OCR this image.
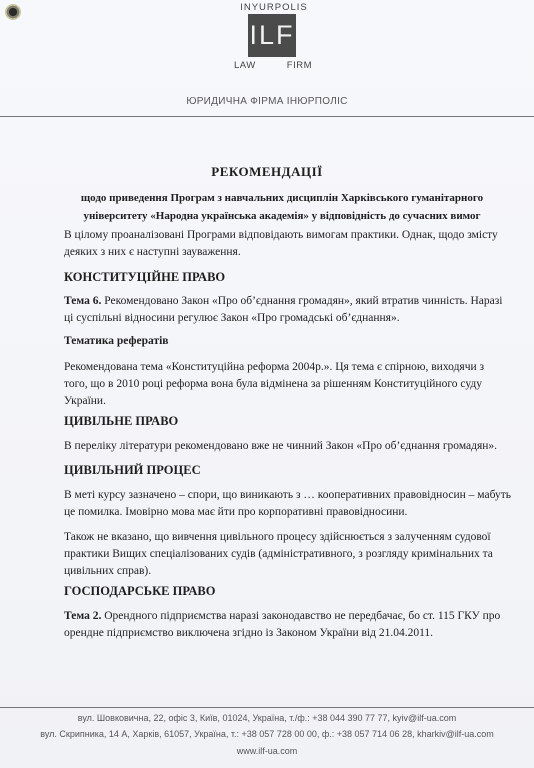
INYURPOLIS
ILF
LAW	FIRM
ЮРИДИЧНА ФІРМА ІНЮРПОЛІС
РЕКОМЕНДАЦІЇ
щодо приведення Програм з навчальних дисциплін Харківського гуманітарного
університету «Народна українська академія» у відповідність до сучасних вимог
В цілому проаналізовані Програми відповідають вимогам практики. Однак, щодо змісту
деяких з них є наступні зауваження.
КОНСТИТУЦІЙНЕ ПРАВО
Тема 6. Рекомендовано Закон «Про об’єднання громадян», який втратив чинність. Наразі
ці суспільні відносини регулює Закон «Про громадські об’єднання».
Тематика рефератів
Рекомендована тема «Конституційна реформа 2004р.». Ця тема є спірною, виходячи з
того, що в 2010 році реформа вона була відмінена за рішенням Конституційного суду
України.
ЦИВІЛЬНЕ ПРАВО
В переліку літератури рекомендовано вже не чинний Закон «Про об’єднання громадян».
ЦИВІЛЬНИЙ ПРОЦЕС
В меті курсу зазначено – спори, що виникають з … кооперативних правовідносин – мабуть
це помилка. Імовірно мова має йти про корпоративні правовідносини.
Також не вказано, що вивчення цивільного процесу здійснюється з залученням судової
практики Вищих спеціалізованих судів (адміністративного, з розгляду кримінальних та
цивільних справ).
ГОСПОДАРСЬКЕ ПРАВО
Тема 2. Орендного підприємства наразі законодавство не передбачає, бо ст. 115 ГКУ про
орендне підприємство виключена згідно із Законом України від 21.04.2011.
вул. Шовковична, 22, офіс 3, Київ, 01024, Україна, т./ф.: +38 044 390 77 77, kyiv@ilf-ua.com
вул. Скрипника, 14 А, Харків, 61057, Україна, т.: +38 057 728 00 00, ф.: +38 057 714 06 28, kharkiv@ilf-ua.com
www.ilf-ua.com
